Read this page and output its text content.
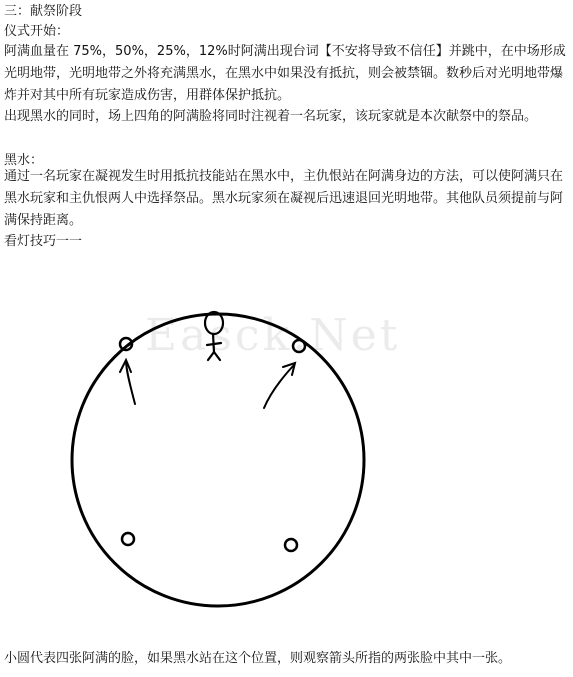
三：献祭阶段

仪式开始：

阿满血量在 75%，50%，25%，12%时阿满出现台词【不安将导致不信任】并跳中，在中场形成光明地带，光明地带之外将充满黑水，在黑水中如果没有抵抗，则会被禁锢。数秒后对光明地带爆炸并对其中所有玩家造成伤害，用群体保护抵抗。

出现黑水的同时，场上四角的阿满脸将同时注视着一名玩家，该玩家就是本次献祭中的祭品。

黑水：

通过一名玩家在凝视发生时用抵抗技能站在黑水中，主仇恨站在阿满身边的方法，可以使阿满只在黑水玩家和主仇恨两人中选择祭品。黑水玩家须在凝视后迅速退回光明地带。其他队员须提前与阿满保持距离。

看灯技巧一一

Easck.Net

小圆代表四张阿满的脸，如果黑水站在这个位置，则观察箭头所指的两张脸中其中一张。
